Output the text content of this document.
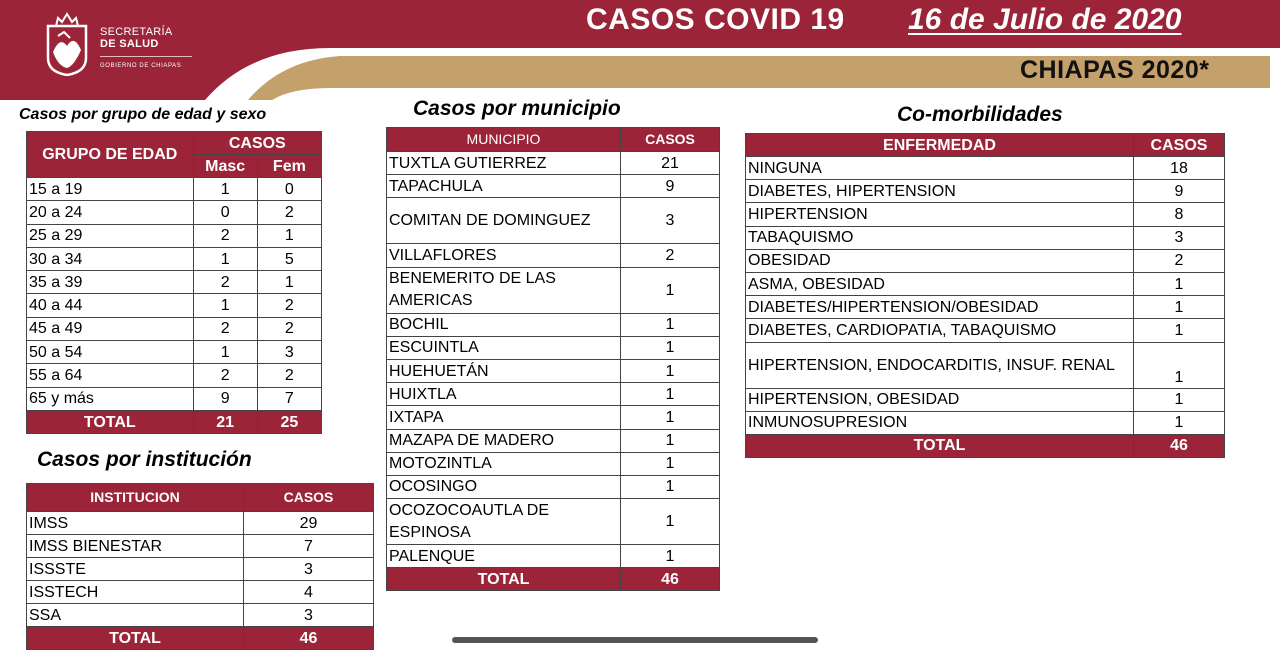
SECRETARÍA
DE SALUD
GOBIERNO DE CHIAPAS
CASOS COVID 19 16 de Julio de 2020
CHIAPAS 2020*
Casos por grupo de edad y sexo
GRUPO DE EDAD	CASOS	
	Masc	Fem
15 a 19	1	0
20 a 24	0	2
25 a 29	2	1
30 a 34	1	5
35 a 39	2	1
40 a 44	1	2
45 a 49	2	2
50 a 54	1	3
55 a 64	2	2
65 y más	9	7
TOTAL	21	25
Casos por institución
INSTITUCION	CASOS
IMSS	29
IMSS BIENESTAR	7
ISSSTE	3
ISSTECH	4
SSA	3
TOTAL	46
Casos por municipio
MUNICIPIO	CASOS
TUXTLA GUTIERREZ	21
TAPACHULA	9
COMITAN DE DOMINGUEZ	3
VILLAFLORES	2
BENEMERITO DE LAS AMERICAS	1
BOCHIL	1
ESCUINTLA	1
HUEHUETÁN	1
HUIXTLA	1
IXTAPA	1
MAZAPA DE MADERO	1
MOTOZINTLA	1
OCOSINGO	1
OCOZOCOAUTLA DE ESPINOSA	1
PALENQUE	1
TOTAL	46
Co-morbilidades
ENFERMEDAD	CASOS
NINGUNA	18
DIABETES, HIPERTENSION	9
HIPERTENSION	8
TABAQUISMO	3
OBESIDAD	2
ASMA, OBESIDAD	1
DIABETES/HIPERTENSION/OBESIDAD	1
DIABETES, CARDIOPATIA, TABAQUISMO	1
HIPERTENSION, ENDOCARDITIS, INSUF. RENAL	1
HIPERTENSION, OBESIDAD	1
INMUNOSUPRESION	1
TOTAL	46
